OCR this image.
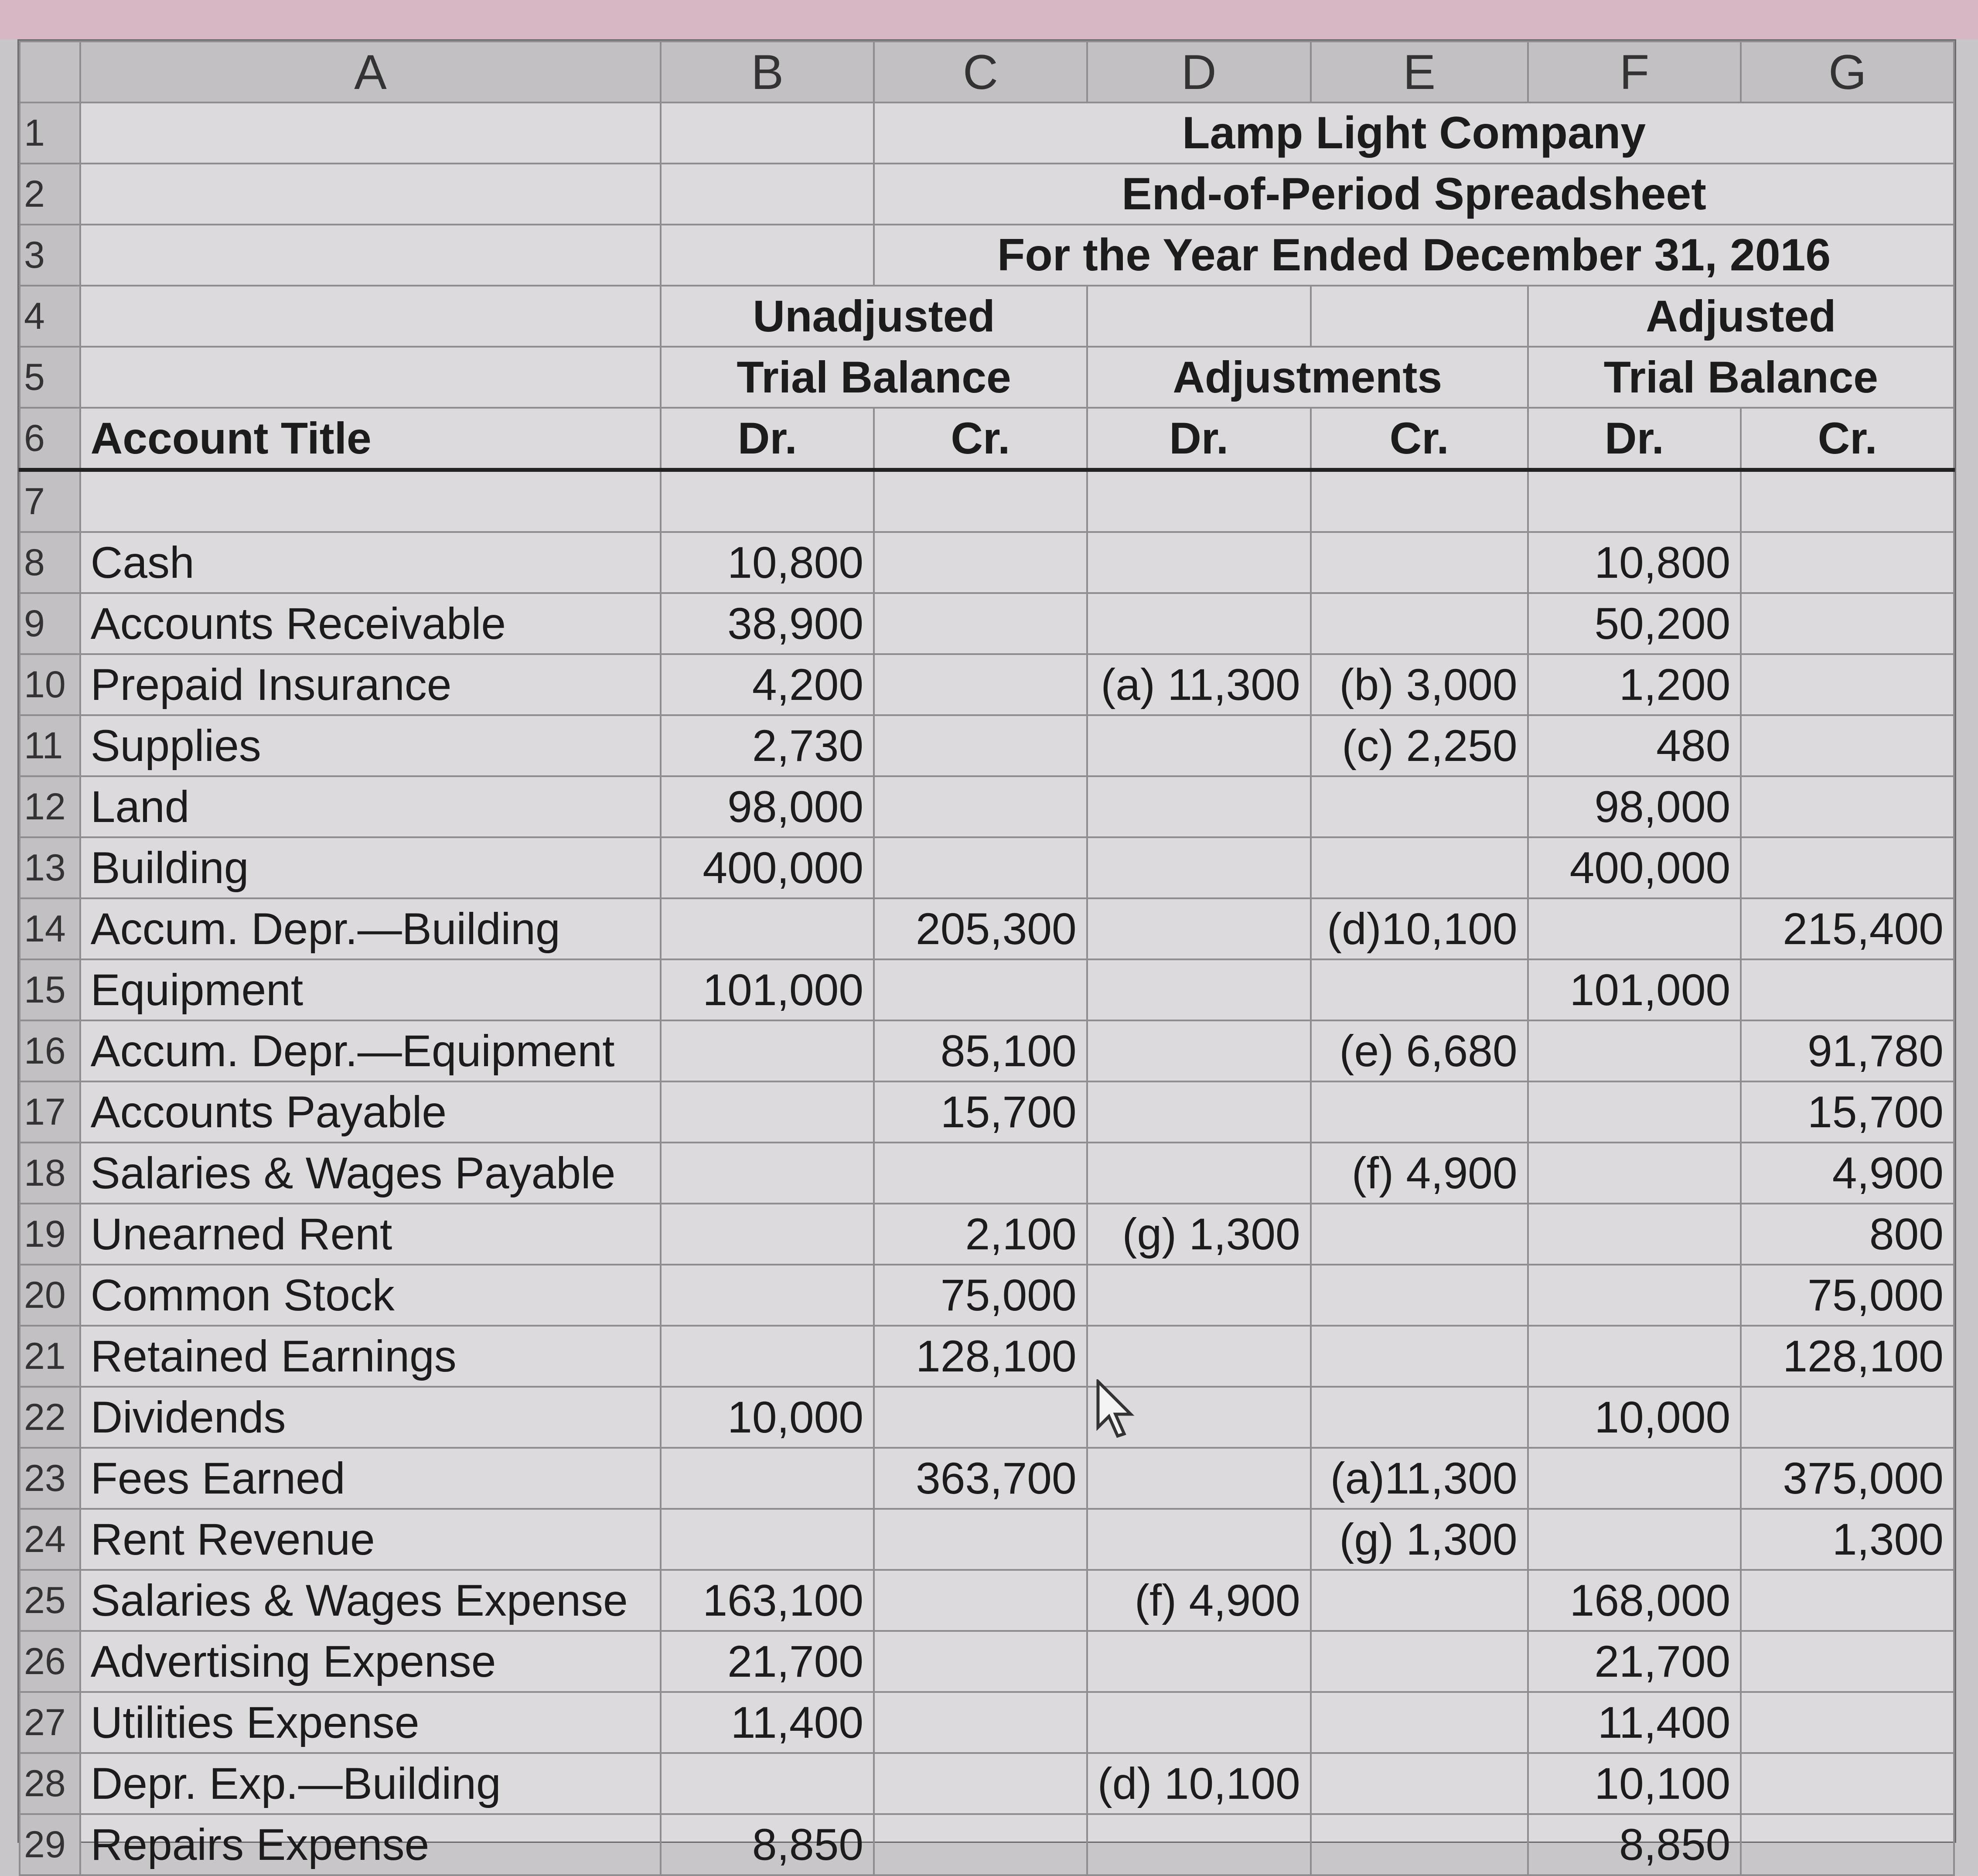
	A	B	C	D	E	F	G
1			Lamp Light Company				
2			End-of-Period Spreadsheet				
3			For the Year Ended December 31, 2016				
4		Unadjusted				Adjusted	
5		Trial Balance		Adjustments		Trial Balance	
6	Account Title	Dr.	Cr.	Dr.	Cr.	Dr.	Cr.
7							
8	Cash	10,800				10,800	
9	Accounts Receivable	38,900				50,200	
10	Prepaid Insurance	4,200		(a) 11,300	(b) 3,000	1,200	
11	Supplies	2,730			(c) 2,250	480	
12	Land	98,000				98,000	
13	Building	400,000				400,000	
14	Accum. Depr.—Building		205,300		(d)10,100		215,400
15	Equipment	101,000				101,000	
16	Accum. Depr.—Equipment		85,100		(e) 6,680		91,780
17	Accounts Payable		15,700				15,700
18	Salaries & Wages Payable				(f) 4,900		4,900
19	Unearned Rent		2,100	(g) 1,300			800
20	Common Stock		75,000				75,000
21	Retained Earnings		128,100				128,100
22	Dividends	10,000				10,000	
23	Fees Earned		363,700		(a)11,300		375,000
24	Rent Revenue				(g) 1,300		1,300
25	Salaries & Wages Expense	163,100		(f) 4,900		168,000	
26	Advertising Expense	21,700				21,700	
27	Utilities Expense	11,400				11,400	
28	Depr. Exp.—Building			(d) 10,100		10,100	
29	Repairs Expense	8,850				8,850	
